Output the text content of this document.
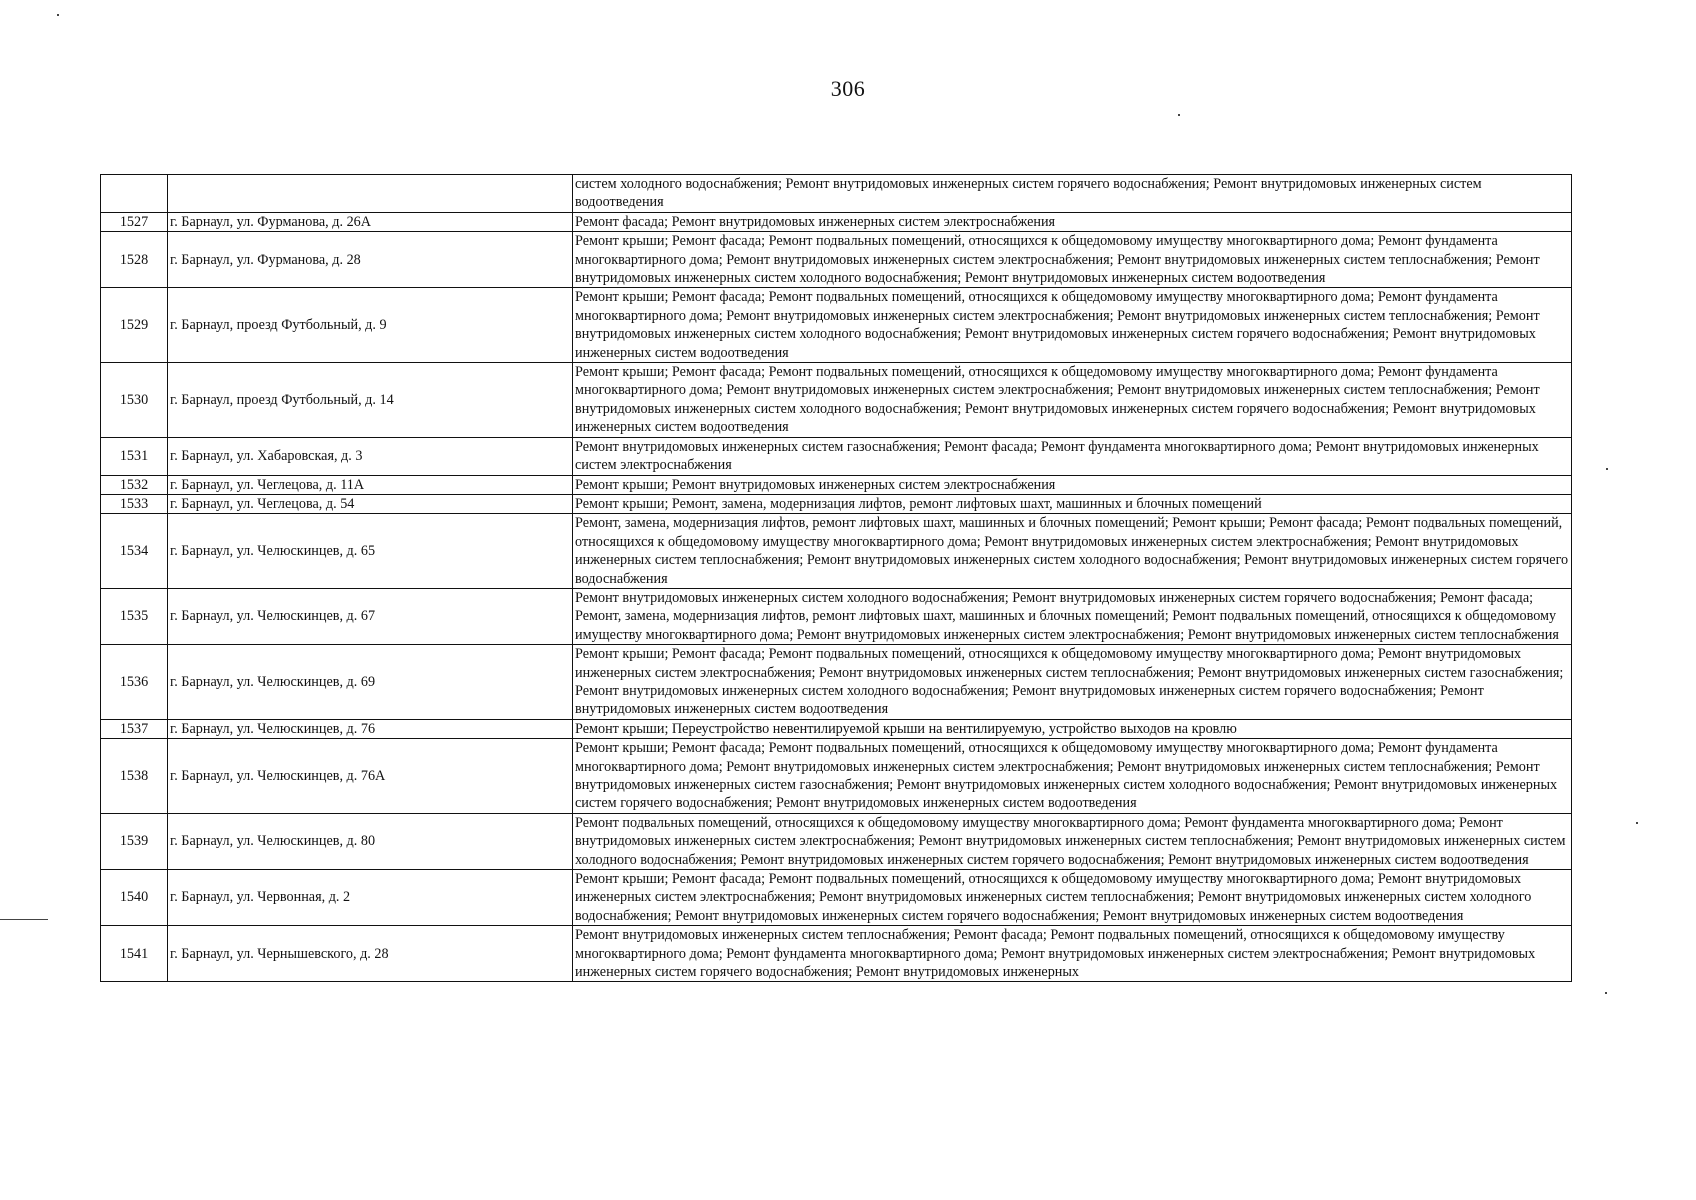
306
		систем холодного водоснабжения; Ремонт внутридомовых инженерных систем горячего водоснабжения; Ремонт внутридомовых инженерных систем водоотведения
1527	г. Барнаул, ул. Фурманова, д. 26А	Ремонт фасада; Ремонт внутридомовых инженерных систем электроснабжения
1528	г. Барнаул, ул. Фурманова, д. 28	Ремонт крыши; Ремонт фасада; Ремонт подвальных помещений, относящихся к общедомовому имуществу многоквартирного дома; Ремонт фундамента многоквартирного дома; Ремонт внутридомовых инженерных систем электроснабжения; Ремонт внутридомовых инженерных систем теплоснабжения; Ремонт внутридомовых инженерных систем холодного водоснабжения; Ремонт внутридомовых инженерных систем водоотведения
1529	г. Барнаул, проезд Футбольный, д. 9	Ремонт крыши; Ремонт фасада; Ремонт подвальных помещений, относящихся к общедомовому имуществу многоквартирного дома; Ремонт фундамента многоквартирного дома; Ремонт внутридомовых инженерных систем электроснабжения; Ремонт внутридомовых инженерных систем теплоснабжения; Ремонт внутридомовых инженерных систем холодного водоснабжения; Ремонт внутридомовых инженерных систем горячего водоснабжения; Ремонт внутридомовых инженерных систем водоотведения
1530	г. Барнаул, проезд Футбольный, д. 14	Ремонт крыши; Ремонт фасада; Ремонт подвальных помещений, относящихся к общедомовому имуществу многоквартирного дома; Ремонт фундамента многоквартирного дома; Ремонт внутридомовых инженерных систем электроснабжения; Ремонт внутридомовых инженерных систем теплоснабжения; Ремонт внутридомовых инженерных систем холодного водоснабжения; Ремонт внутридомовых инженерных систем горячего водоснабжения; Ремонт внутридомовых инженерных систем водоотведения
1531	г. Барнаул, ул. Хабаровская, д. 3	Ремонт внутридомовых инженерных систем газоснабжения; Ремонт фасада; Ремонт фундамента многоквартирного дома; Ремонт внутридомовых инженерных систем электроснабжения
1532	г. Барнаул, ул. Чеглецова, д. 11А	Ремонт крыши; Ремонт внутридомовых инженерных систем электроснабжения
1533	г. Барнаул, ул. Чеглецова, д. 54	Ремонт крыши; Ремонт, замена, модернизация лифтов, ремонт лифтовых шахт, машинных и блочных помещений
1534	г. Барнаул, ул. Челюскинцев, д. 65	Ремонт, замена, модернизация лифтов, ремонт лифтовых шахт, машинных и блочных помещений; Ремонт крыши; Ремонт фасада; Ремонт подвальных помещений, относящихся к общедомовому имуществу многоквартирного дома; Ремонт внутридомовых инженерных систем электроснабжения; Ремонт внутридомовых инженерных систем теплоснабжения; Ремонт внутридомовых инженерных систем холодного водоснабжения; Ремонт внутридомовых инженерных систем горячего водоснабжения
1535	г. Барнаул, ул. Челюскинцев, д. 67	Ремонт внутридомовых инженерных систем холодного водоснабжения; Ремонт внутридомовых инженерных систем горячего водоснабжения; Ремонт фасада; Ремонт, замена, модернизация лифтов, ремонт лифтовых шахт, машинных и блочных помещений; Ремонт подвальных помещений, относящихся к общедомовому имуществу многоквартирного дома; Ремонт внутридомовых инженерных систем электроснабжения; Ремонт внутридомовых инженерных систем теплоснабжения
1536	г. Барнаул, ул. Челюскинцев, д. 69	Ремонт крыши; Ремонт фасада; Ремонт подвальных помещений, относящихся к общедомовому имуществу многоквартирного дома; Ремонт внутридомовых инженерных систем электроснабжения; Ремонт внутридомовых инженерных систем теплоснабжения; Ремонт внутридомовых инженерных систем газоснабжения; Ремонт внутридомовых инженерных систем холодного водоснабжения; Ремонт внутридомовых инженерных систем горячего водоснабжения; Ремонт внутридомовых инженерных систем водоотведения
1537	г. Барнаул, ул. Челюскинцев, д. 76	Ремонт крыши; Переустройство невентилируемой крыши на вентилируемую, устройство выходов на кровлю
1538	г. Барнаул, ул. Челюскинцев, д. 76А	Ремонт крыши; Ремонт фасада; Ремонт подвальных помещений, относящихся к общедомовому имуществу многоквартирного дома; Ремонт фундамента многоквартирного дома; Ремонт внутридомовых инженерных систем электроснабжения; Ремонт внутридомовых инженерных систем теплоснабжения; Ремонт внутридомовых инженерных систем газоснабжения; Ремонт внутридомовых инженерных систем холодного водоснабжения; Ремонт внутридомовых инженерных систем горячего водоснабжения; Ремонт внутридомовых инженерных систем водоотведения
1539	г. Барнаул, ул. Челюскинцев, д. 80	Ремонт подвальных помещений, относящихся к общедомовому имуществу многоквартирного дома; Ремонт фундамента многоквартирного дома; Ремонт внутридомовых инженерных систем электроснабжения; Ремонт внутридомовых инженерных систем теплоснабжения; Ремонт внутридомовых инженерных систем холодного водоснабжения; Ремонт внутридомовых инженерных систем горячего водоснабжения; Ремонт внутридомовых инженерных систем водоотведения
1540	г. Барнаул, ул. Червонная, д. 2	Ремонт крыши; Ремонт фасада; Ремонт подвальных помещений, относящихся к общедомовому имуществу многоквартирного дома; Ремонт внутридомовых инженерных систем электроснабжения; Ремонт внутридомовых инженерных систем теплоснабжения; Ремонт внутридомовых инженерных систем холодного водоснабжения; Ремонт внутридомовых инженерных систем горячего водоснабжения; Ремонт внутридомовых инженерных систем водоотведения
1541	г. Барнаул, ул. Чернышевского, д. 28	Ремонт внутридомовых инженерных систем теплоснабжения; Ремонт фасада; Ремонт подвальных помещений, относящихся к общедомовому имуществу многоквартирного дома; Ремонт фундамента многоквартирного дома; Ремонт внутридомовых инженерных систем электроснабжения; Ремонт внутридомовых инженерных систем горячего водоснабжения; Ремонт внутридомовых инженерных
